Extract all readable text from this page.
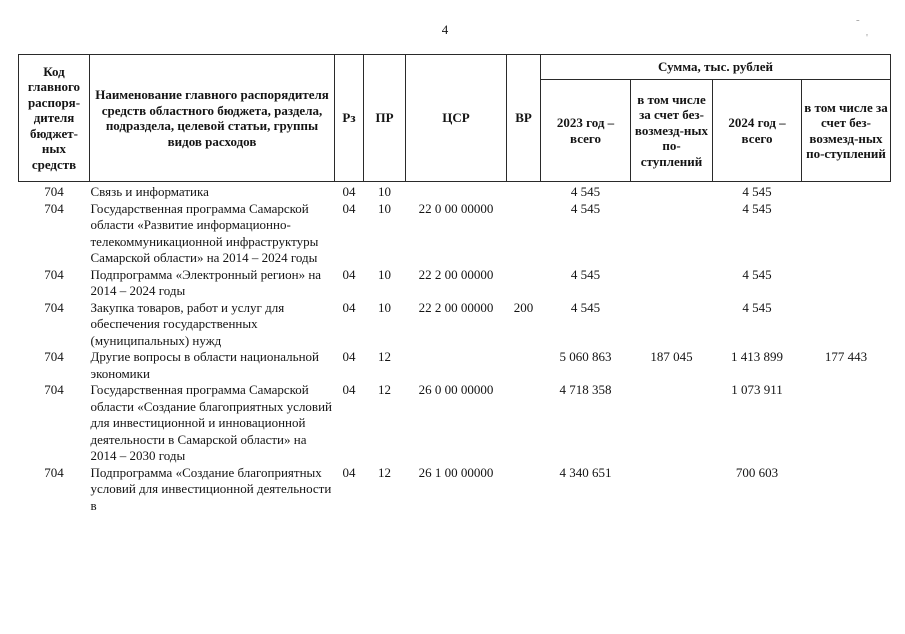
4
-
'
Код главного распоря-дителя бюджет-ных средств	Наименование главного распорядителя средств областного бюджета, раздела, подраздела, целевой статьи, группы видов расходов	Рз	ПР	ЦСР	ВР	Сумма, тыс. рублей			
						2023 год – всего	в том числе за счет без-возмезд-ных по-ступлений	2024 год – всего	в том числе за счет без-возмезд-ных по-ступлений

704	Связь и информатика	04	10			4 545		4 545	
704	Государственная программа Самарской области «Развитие информационно-телекоммуникационной инфраструктуры Самарской области» на 2014 – 2024 годы	04	10	22 0 00 00000		4 545		4 545	
704	Подпрограмма «Электронный регион» на 2014 – 2024 годы	04	10	22 2 00 00000		4 545		4 545	
704	Закупка товаров, работ и услуг для обеспечения государственных (муниципальных) нужд	04	10	22 2 00 00000	200	4 545		4 545	
704	Другие вопросы в области национальной экономики	04	12			5 060 863	187 045	1 413 899	177 443
704	Государственная программа Самарской области «Создание благоприятных условий для инвестиционной и инновационной деятельности в Самарской области» на 2014 – 2030 годы	04	12	26 0 00 00000		4 718 358		1 073 911	
704	Подпрограмма «Создание благоприятных условий для инвестиционной деятельности в	04	12	26 1 00 00000		4 340 651		700 603	
